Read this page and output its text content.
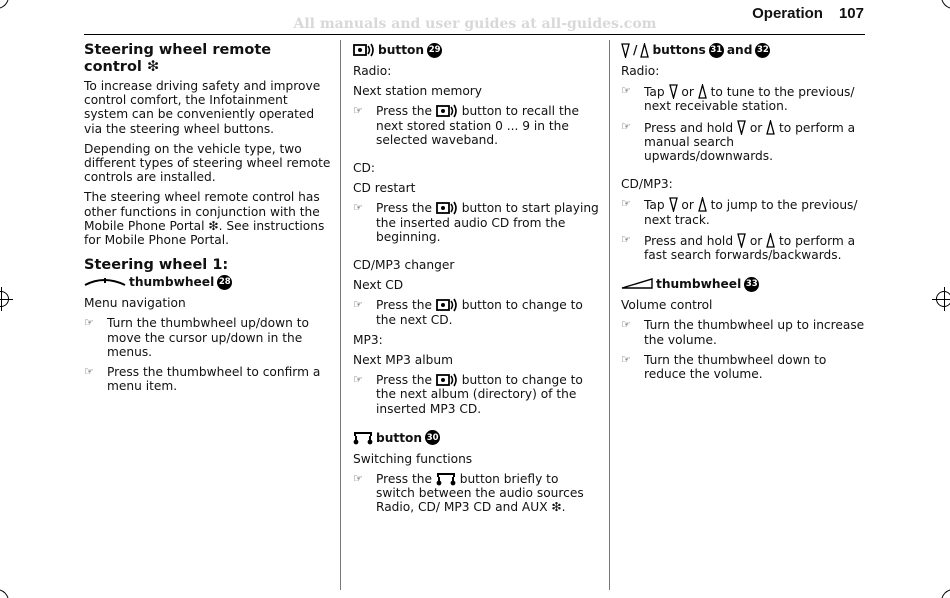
All manuals and user guides at all-guides.com
Operation 107
Steering wheel remote control ❇

To increase driving safety and improve control comfort, the Infotainment system can be conveniently operated via the steering wheel buttons.

Depending on the vehicle type, two different types of steering wheel remote controls are installed.

The steering wheel remote control has other functions in conjunction with the Mobile Phone Portal ❇. See instructions for Mobile Phone Portal.

Steering wheel 1:
thumbwheel 28

Menu navigation

☞	Turn the thumbwheel up/down to move the cursor up/down in the menus.
☞	Press the thumbwheel to confirm a menu item.
button 29

Radio:

Next station memory

☞	Press the button to recall the next stored station 0 ... 9 in the selected waveband.

CD:

CD restart

☞	Press the button to start playing the inserted audio CD from the beginning.

CD/MP3 changer

Next CD

☞	Press the button to change to the next CD.

MP3:

Next MP3 album

☞	Press the button to change to the next album (directory) of the inserted MP3 CD.
button 30

Switching functions

☞	Press the button briefly to switch between the audio sources Radio, CD/ MP3 CD and AUX ❇.
/ buttons 31 and 32

Radio:

☞	Tap or to tune to the previous/ next receivable station.
☞	Press and hold or to perform a manual search upwards/downwards.

CD/MP3:

☞	Tap or to jump to the previous/ next track.
☞	Press and hold or to perform a fast search forwards/backwards.
thumbwheel 33

Volume control

☞	Turn the thumbwheel up to increase the volume.
☞	Turn the thumbwheel down to reduce the volume.
